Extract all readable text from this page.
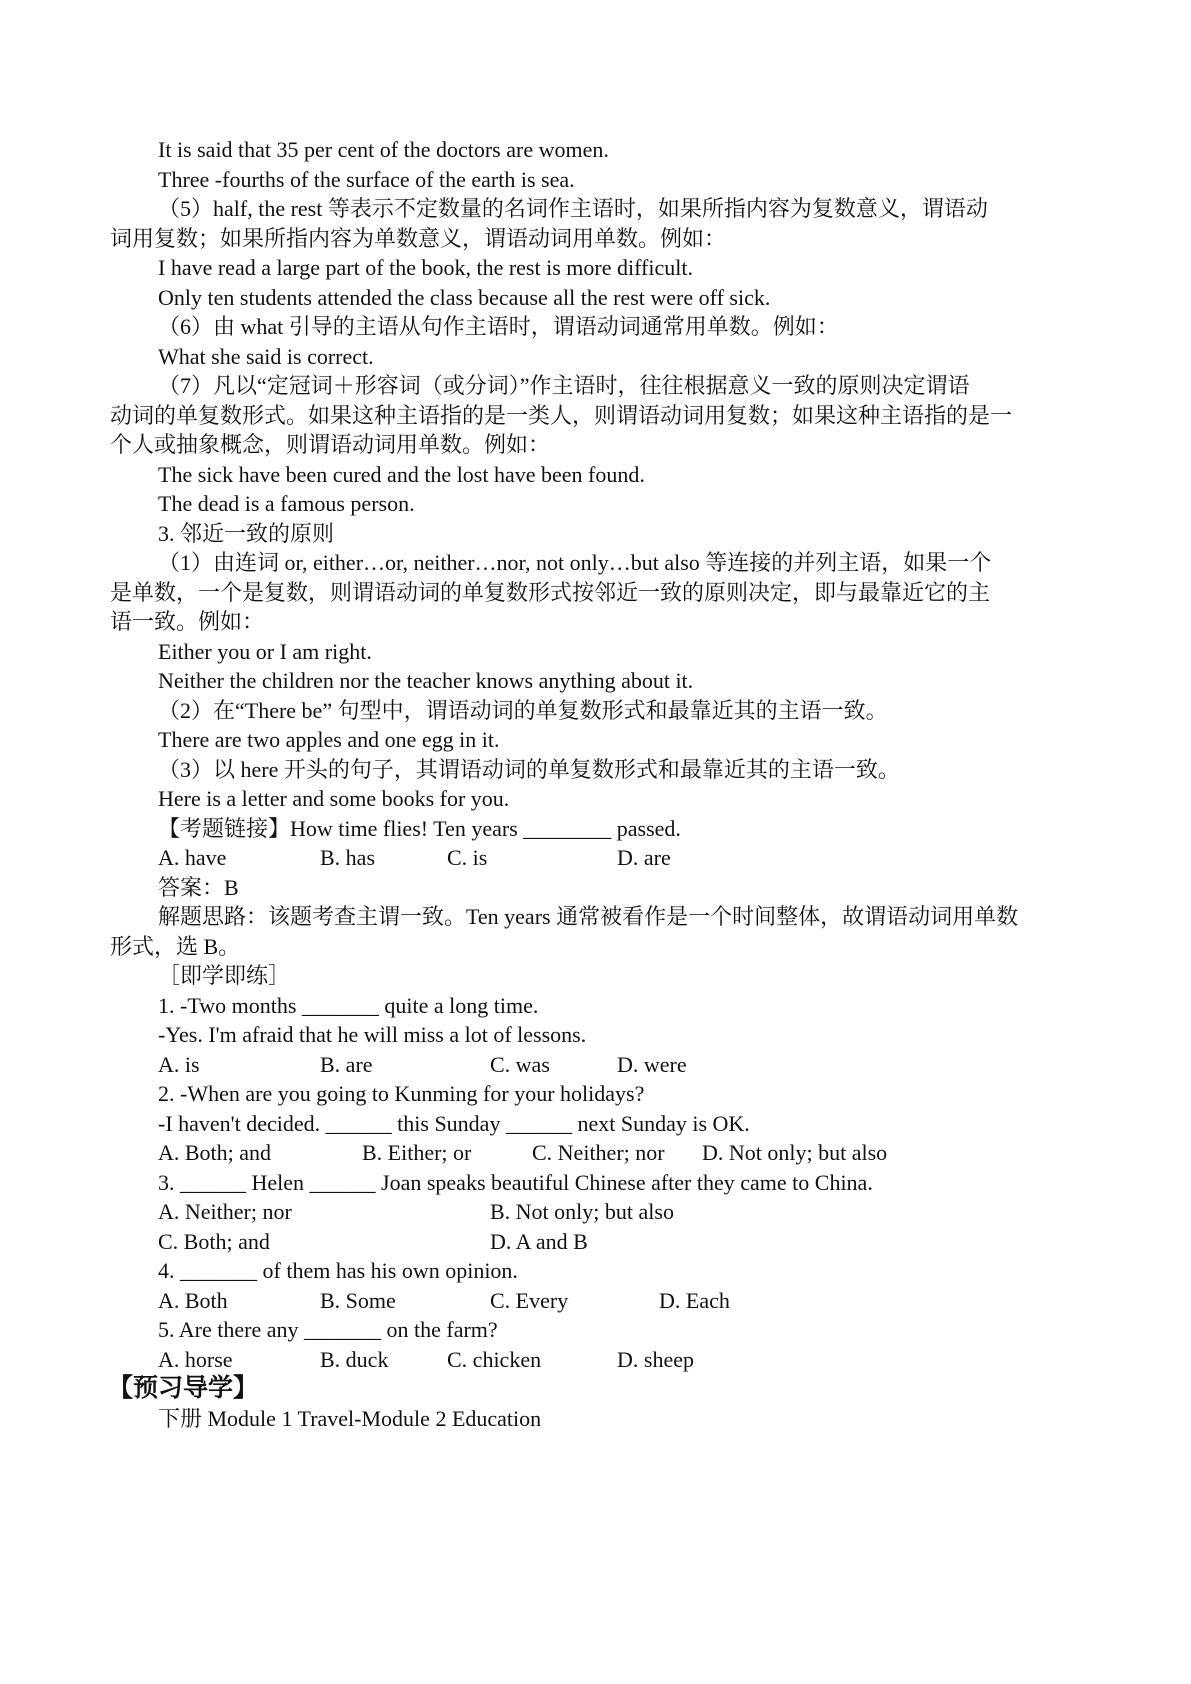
It is said that 35 per cent of the doctors are women.
Three -fourths of the surface of the earth is sea.
（5）half, the rest 等表示不定数量的名词作主语时，如果所指内容为复数意义，谓语动
词用复数；如果所指内容为单数意义，谓语动词用单数。例如：
I have read a large part of the book, the rest is more difficult.
Only ten students attended the class because all the rest were off sick.
（6）由 what 引导的主语从句作主语时，谓语动词通常用单数。例如：
What she said is correct.
（7）凡以“定冠词＋形容词（或分词）”作主语时，往往根据意义一致的原则决定谓语
动词的单复数形式。如果这种主语指的是一类人，则谓语动词用复数；如果这种主语指的是一
个人或抽象概念，则谓语动词用单数。例如：
The sick have been cured and the lost have been found.
The dead is a famous person.
3. 邻近一致的原则
（1）由连词 or, either…or, neither…nor, not only…but also 等连接的并列主语，如果一个
是单数，一个是复数，则谓语动词的单复数形式按邻近一致的原则决定，即与最靠近它的主
语一致。例如：
Either you or I am right.
Neither the children nor the teacher knows anything about it.
（2）在“There be” 句型中，谓语动词的单复数形式和最靠近其的主语一致。
There are two apples and one egg in it.
（3）以 here 开头的句子，其谓语动词的单复数形式和最靠近其的主语一致。
Here is a letter and some books for you.
【考题链接】How time flies! Ten years ________ passed.
A. have	B. has	C. is	D. are
答案：B
解题思路：该题考查主谓一致。Ten years 通常被看作是一个时间整体，故谓语动词用单数
形式，选 B。
［即学即练］
1. -Two months _______ quite a long time.
-Yes. I'm afraid that he will miss a lot of lessons.
A. is	B. are	C. was	D. were
2. -When are you going to Kunming for your holidays?
-I haven't decided. ______ this Sunday ______ next Sunday is OK.
A. Both; and	B. Either; or	C. Neither; nor D. Not only; but also
3. ______ Helen ______ Joan speaks beautiful Chinese after they came to China.
A. Neither; nor	B. Not only; but also
C. Both; and	D. A and B
4. _______ of them has his own opinion.
A. Both	B. Some	C. Every	D. Each
5. Are there any _______ on the farm?
A. horse	B. duck	C. chicken	D. sheep
【预习导学】
下册 Module 1 Travel-Module 2 Education
